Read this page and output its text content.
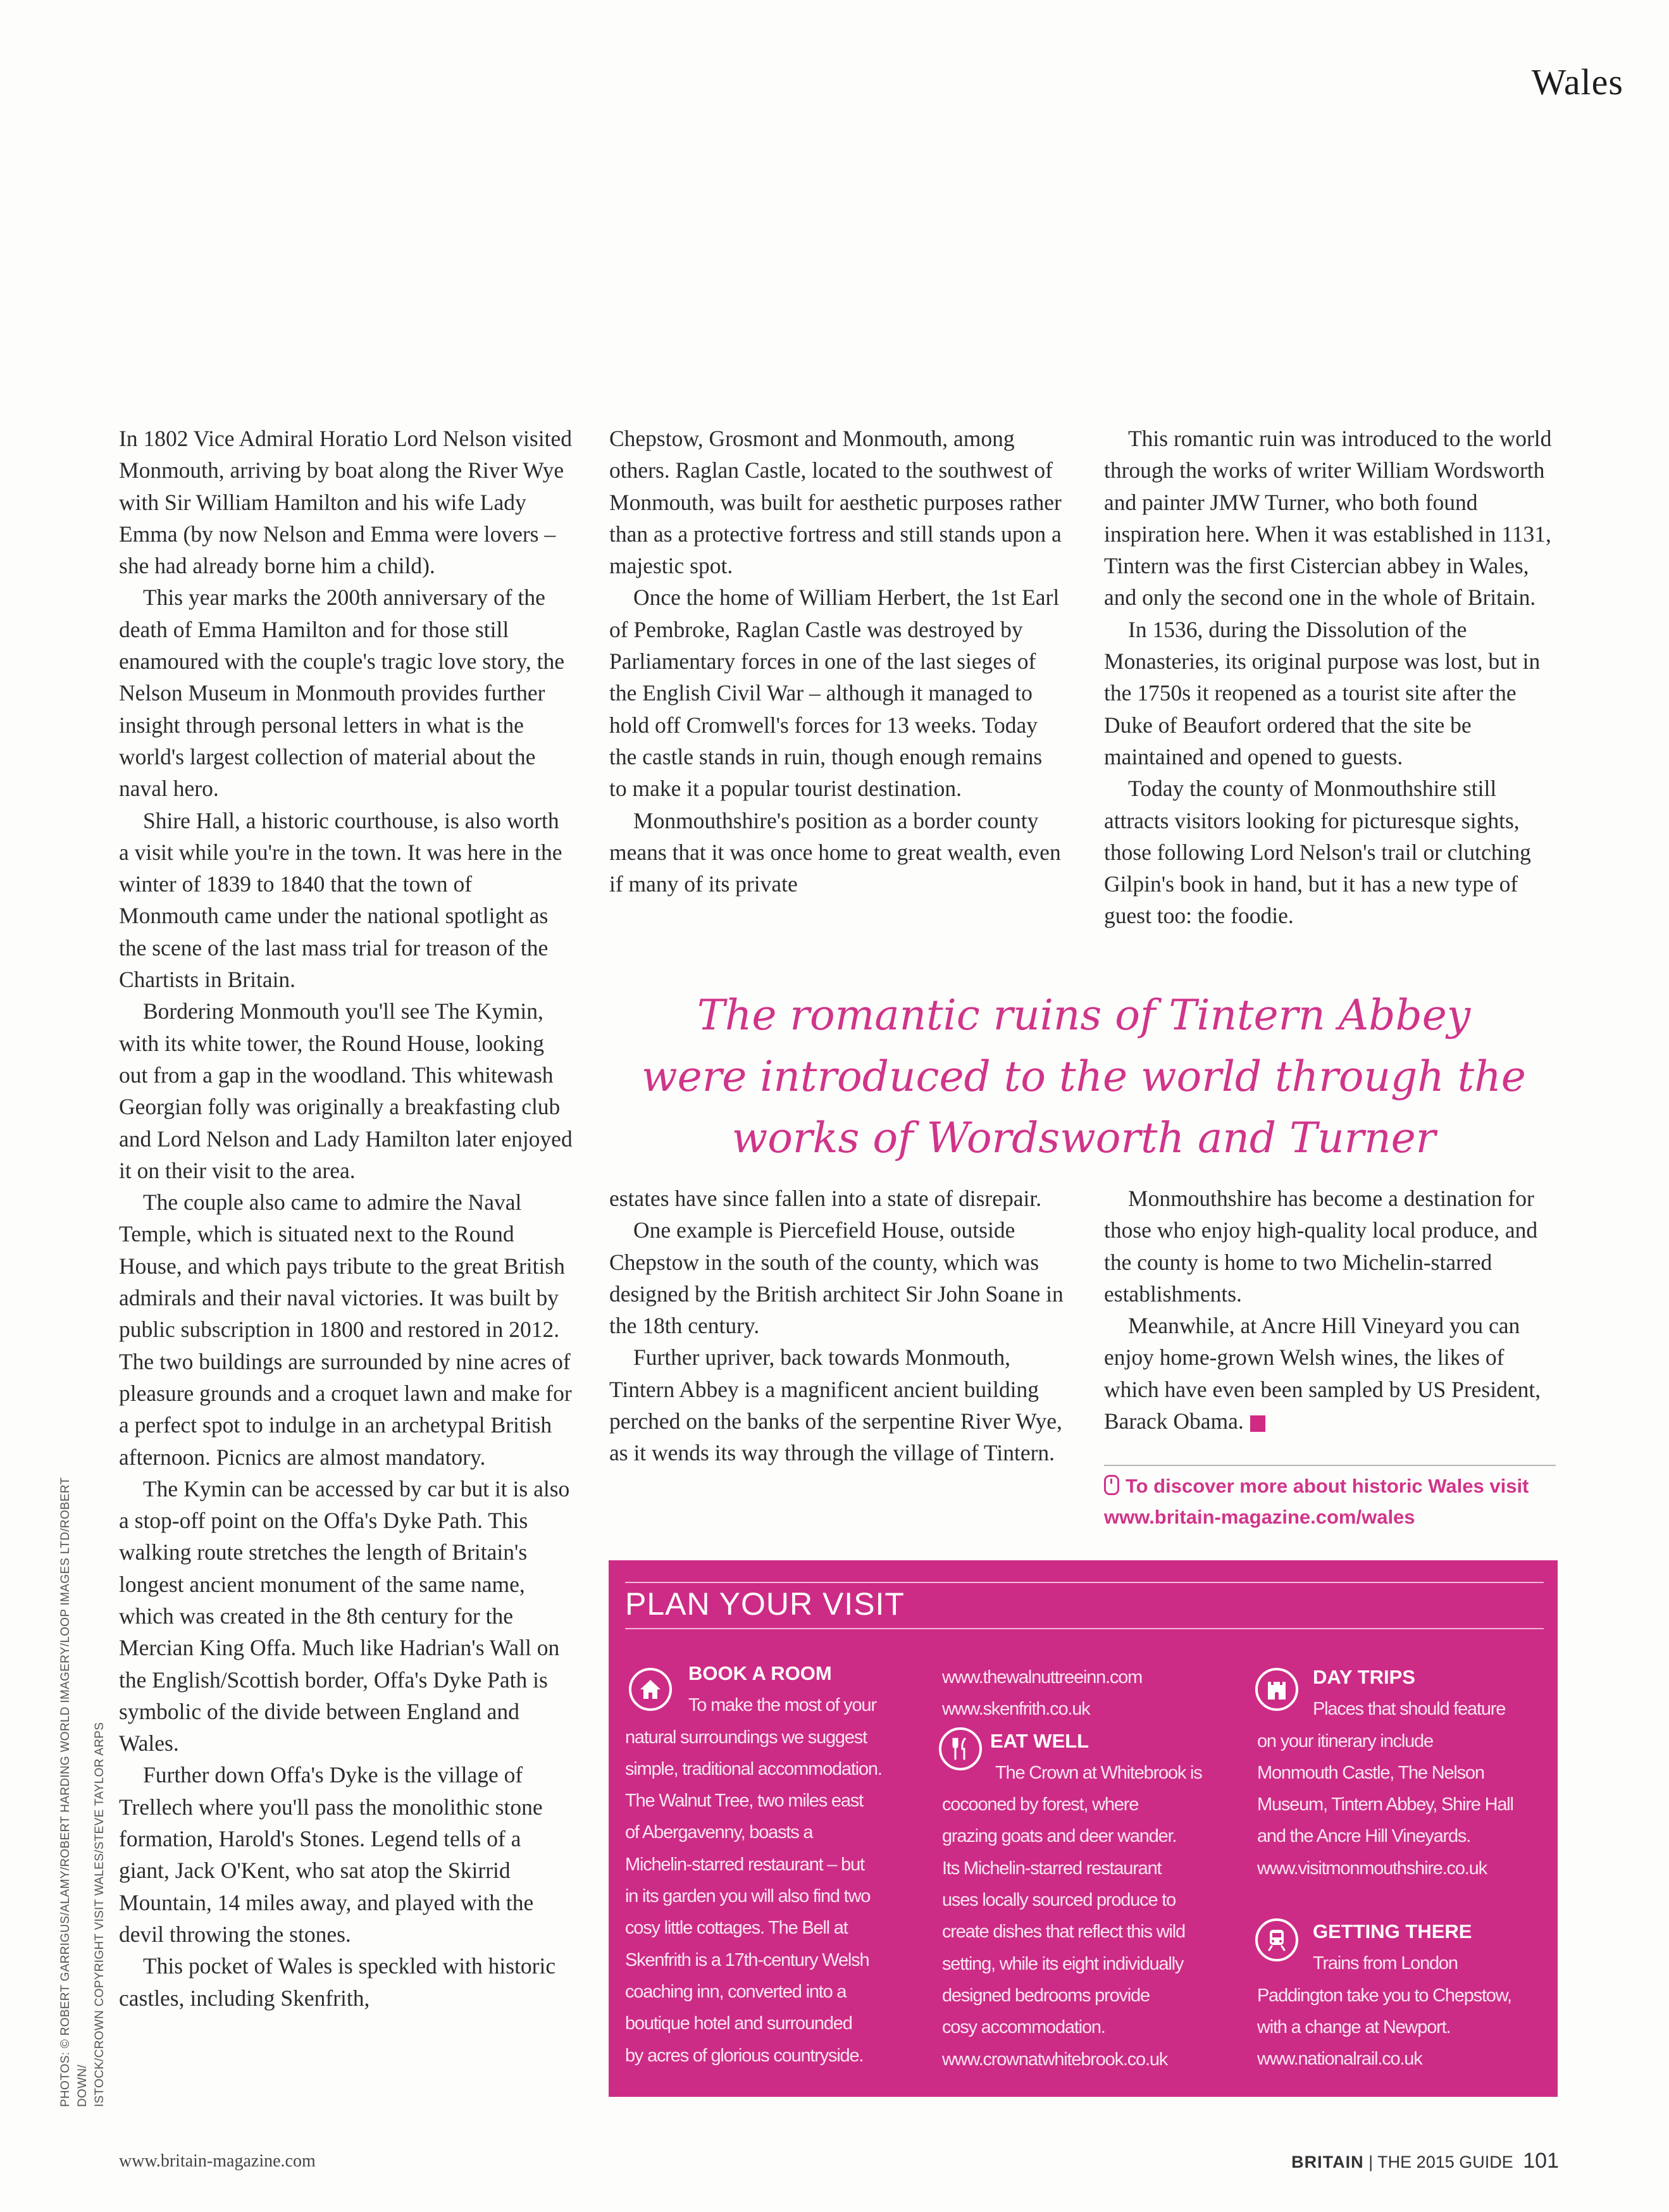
Wales

In 1802 Vice Admiral Horatio Lord Nelson visited Monmouth, arriving by boat along the River Wye with Sir William Hamilton and his wife Lady Emma (by now Nelson and Emma were lovers – she had already borne him a child).

This year marks the 200th anniversary of the death of Emma Hamilton and for those still enamoured with the couple's tragic love story, the Nelson Museum in Monmouth provides further insight through personal letters in what is the world's largest collection of material about the naval hero.

Shire Hall, a historic courthouse, is also worth a visit while you're in the town. It was here in the winter of 1839 to 1840 that the town of Monmouth came under the national spotlight as the scene of the last mass trial for treason of the Chartists in Britain.

Bordering Monmouth you'll see The Kymin, with its white tower, the Round House, looking out from a gap in the woodland. This whitewash Georgian folly was originally a breakfasting club and Lord Nelson and Lady Hamilton later enjoyed it on their visit to the area.

The couple also came to admire the Naval Temple, which is situated next to the Round House, and which pays tribute to the great British admirals and their naval victories. It was built by public subscription in 1800 and restored in 2012. The two buildings are surrounded by nine acres of pleasure grounds and a croquet lawn and make for a perfect spot to indulge in an archetypal British afternoon. Picnics are almost mandatory.

The Kymin can be accessed by car but it is also a stop-off point on the Offa's Dyke Path. This walking route stretches the length of Britain's longest ancient monument of the same name, which was created in the 8th century for the Mercian King Offa. Much like Hadrian's Wall on the English/Scottish border, Offa's Dyke Path is symbolic of the divide between England and Wales.

Further down Offa's Dyke is the village of Trellech where you'll pass the monolithic stone formation, Harold's Stones. Legend tells of a giant, Jack O'Kent, who sat atop the Skirrid Mountain, 14 miles away, and played with the devil throwing the stones.

This pocket of Wales is speckled with historic castles, including Skenfrith,

Chepstow, Grosmont and Monmouth, among others. Raglan Castle, located to the southwest of Monmouth, was built for aesthetic purposes rather than as a protective fortress and still stands upon a majestic spot.

Once the home of William Herbert, the 1st Earl of Pembroke, Raglan Castle was destroyed by Parliamentary forces in one of the last sieges of the English Civil War – although it managed to hold off Cromwell's forces for 13 weeks. Today the castle stands in ruin, though enough remains to make it a popular tourist destination.

Monmouthshire's position as a border county means that it was once home to great wealth, even if many of its private

This romantic ruin was introduced to the world through the works of writer William Wordsworth and painter JMW Turner, who both found inspiration here. When it was established in 1131, Tintern was the first Cistercian abbey in Wales, and only the second one in the whole of Britain.

In 1536, during the Dissolution of the Monasteries, its original purpose was lost, but in the 1750s it reopened as a tourist site after the Duke of Beaufort ordered that the site be maintained and opened to guests.

Today the county of Monmouthshire still attracts visitors looking for picturesque sights, those following Lord Nelson's trail or clutching Gilpin's book in hand, but it has a new type of guest too: the foodie.

The romantic ruins of Tintern Abbey
were introduced to the world through the
works of Wordsworth and Turner

estates have since fallen into a state of disrepair.

One example is Piercefield House, outside Chepstow in the south of the county, which was designed by the British architect Sir John Soane in the 18th century.

Further upriver, back towards Monmouth, Tintern Abbey is a magnificent ancient building perched on the banks of the serpentine River Wye, as it wends its way through the village of Tintern.

Monmouthshire has become a destination for those who enjoy high-quality local produce, and the county is home to two Michelin-starred establishments.

Meanwhile, at Ancre Hill Vineyard you can enjoy home-grown Welsh wines, the likes of which have even been sampled by US President, Barack Obama. B

To discover more about historic Wales visit
www.britain-magazine.com/wales
PLAN YOUR VISIT
BOOK A ROOM
To make the most of your
natural surroundings we suggest
simple, traditional accommodation.
The Walnut Tree, two miles east
of Abergavenny, boasts a
Michelin-starred restaurant – but
in its garden you will also find two
cosy little cottages. The Bell at
Skenfrith is a 17th-century Welsh
coaching inn, converted into a
boutique hotel and surrounded
by acres of glorious countryside.
www.thewalnuttreeinn.com
www.skenfrith.co.uk
EAT WELL
The Crown at Whitebrook is
cocooned by forest, where
grazing goats and deer wander.
Its Michelin-starred restaurant
uses locally sourced produce to
create dishes that reflect this wild
setting, while its eight individually
designed bedrooms provide
cosy accommodation.
www.crownatwhitebrook.co.uk
DAY TRIPS
Places that should feature
on your itinerary include
Monmouth Castle, The Nelson
Museum, Tintern Abbey, Shire Hall
and the Ancre Hill Vineyards.
www.visitmonmouthshire.co.uk
GETTING THERE
Trains from London
Paddington take you to Chepstow,
with a change at Newport.
www.nationalrail.co.uk
PHOTOS: © ROBERT GARRIGUS/ALAMY/ROBERT HARDING WORLD IMAGERY/LOOP IMAGES LTD/ROBERT DOWN/ ISTOCK/CROWN COPYRIGHT VISIT WALES/STEVE TAYLOR ARPS
www.britain-magazine.com	BRITAIN | THE 2015 GUIDE 101
